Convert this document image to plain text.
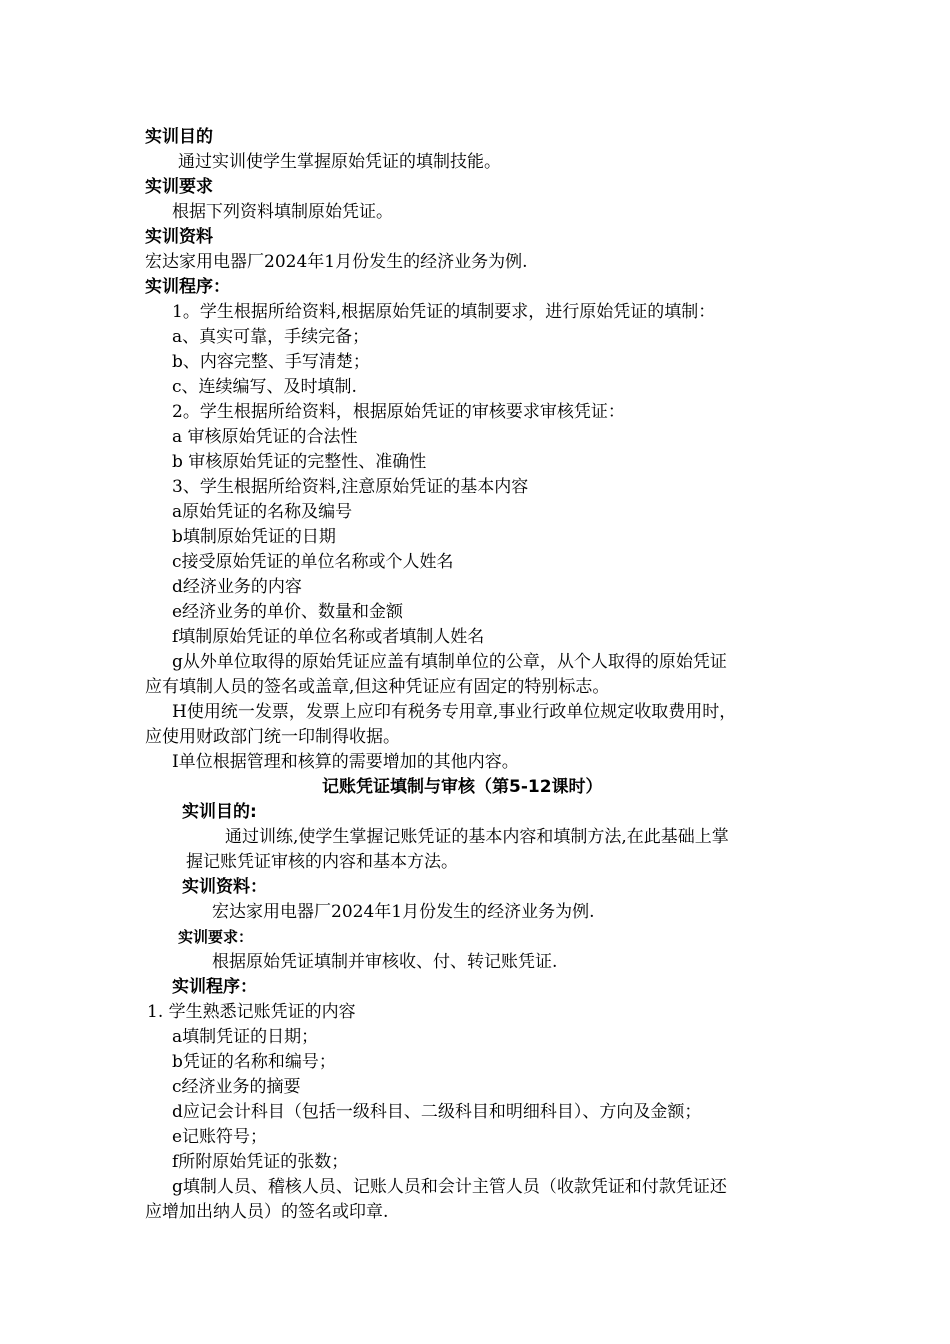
实训目的
通过实训使学生掌握原始凭证的填制技能。
实训要求
根据下列资料填制原始凭证。
实训资料
宏达家用电器厂2024年1月份发生的经济业务为例.
实训程序：
1。学生根据所给资料,根据原始凭证的填制要求，进行原始凭证的填制：
a、真实可靠，手续完备；
b、内容完整、手写清楚；
c、连续编写、及时填制.
2。学生根据所给资料，根据原始凭证的审核要求审核凭证：
a 审核原始凭证的合法性
b 审核原始凭证的完整性、准确性
3、学生根据所给资料,注意原始凭证的基本内容
a原始凭证的名称及编号
b填制原始凭证的日期
c接受原始凭证的单位名称或个人姓名
d经济业务的内容
e经济业务的单价、数量和金额
f填制原始凭证的单位名称或者填制人姓名
g从外单位取得的原始凭证应盖有填制单位的公章，从个人取得的原始凭证
应有填制人员的签名或盖章,但这种凭证应有固定的特别标志。
H使用统一发票，发票上应印有税务专用章,事业行政单位规定收取费用时，
应使用财政部门统一印制得收据。
I单位根据管理和核算的需要增加的其他内容。
记账凭证填制与审核（第5-12课时）
实训目的:
通过训练,使学生掌握记账凭证的基本内容和填制方法,在此基础上掌
握记账凭证审核的内容和基本方法。
实训资料：
宏达家用电器厂2024年1月份发生的经济业务为例.
实训要求：
根据原始凭证填制并审核收、付、转记账凭证.
实训程序：
1. 学生熟悉记账凭证的内容
a填制凭证的日期；
b凭证的名称和编号；
c经济业务的摘要
d应记会计科目（包括一级科目、二级科目和明细科目）、方向及金额；
e记账符号；
f所附原始凭证的张数；
g填制人员、稽核人员、记账人员和会计主管人员（收款凭证和付款凭证还
应增加出纳人员）的签名或印章.
